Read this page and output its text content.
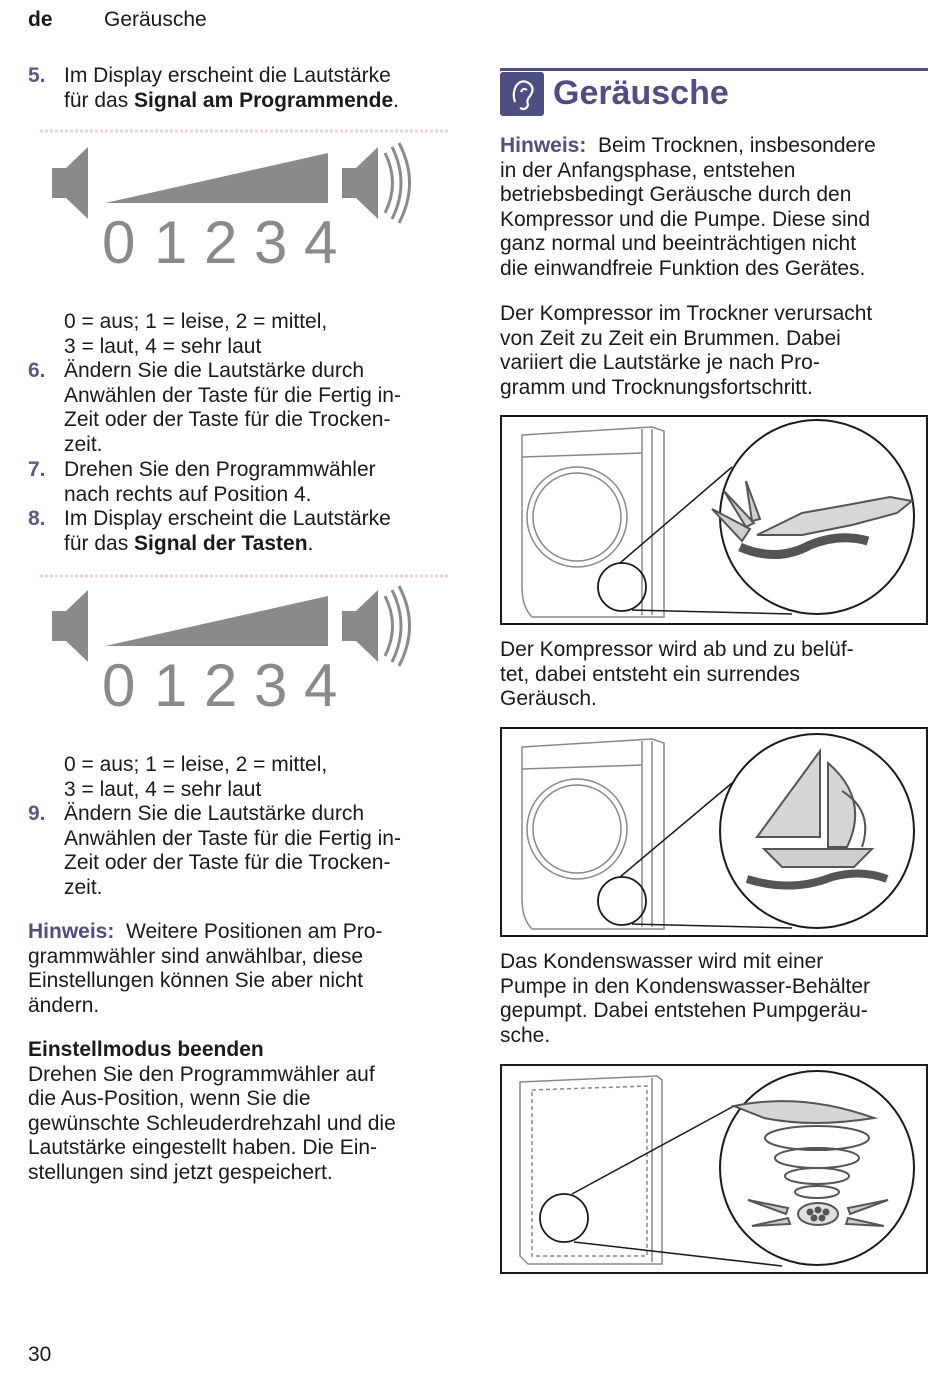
de Geräusche
5. Im Display erscheint die Lautstärke

für das Signal am Programmende.

0 1 2 3 4

0 = aus; 1 = leise, 2 = mittel,

3 = laut, 4 = sehr laut

6. Ändern Sie die Lautstärke durch

Anwählen der Taste für die Fertig in-

Zeit oder der Taste für die Trocken-

zeit.

7. Drehen Sie den Programmwähler

nach rechts auf Position 4.

8. Im Display erscheint die Lautstärke

für das Signal der Tasten.

0 1 2 3 4

0 = aus; 1 = leise, 2 = mittel,

3 = laut, 4 = sehr laut

9. Ändern Sie die Lautstärke durch

Anwählen der Taste für die Fertig in-

Zeit oder der Taste für die Trocken-

zeit.

Hinweis: Weitere Positionen am Pro-
grammwähler sind anwählbar, diese
Einstellungen können Sie aber nicht
ändern.
Einstellmodus beenden
Drehen Sie den Programmwähler auf
die Aus-Position, wenn Sie die
gewünschte Schleuderdrehzahl und die
Lautstärke eingestellt haben. Die Ein-
stellungen sind jetzt gespeichert.
30
Geräusche
Hinweis: Beim Trocknen, insbesondere
in der Anfangsphase, entstehen
betriebsbedingt Geräusche durch den
Kompressor und die Pumpe. Diese sind
ganz normal und beeinträchtigen nicht
die einwandfreie Funktion des Gerätes.
Der Kompressor im Trockner verursacht
von Zeit zu Zeit ein Brummen. Dabei
variiert die Lautstärke je nach Pro-
gramm und Trocknungsfortschritt.
Der Kompressor wird ab und zu belüf-
tet, dabei entsteht ein surrendes
Geräusch.
Das Kondenswasser wird mit einer
Pumpe in den Kondenswasser-Behälter
gepumpt. Dabei entstehen Pumpgeräu-
sche.
